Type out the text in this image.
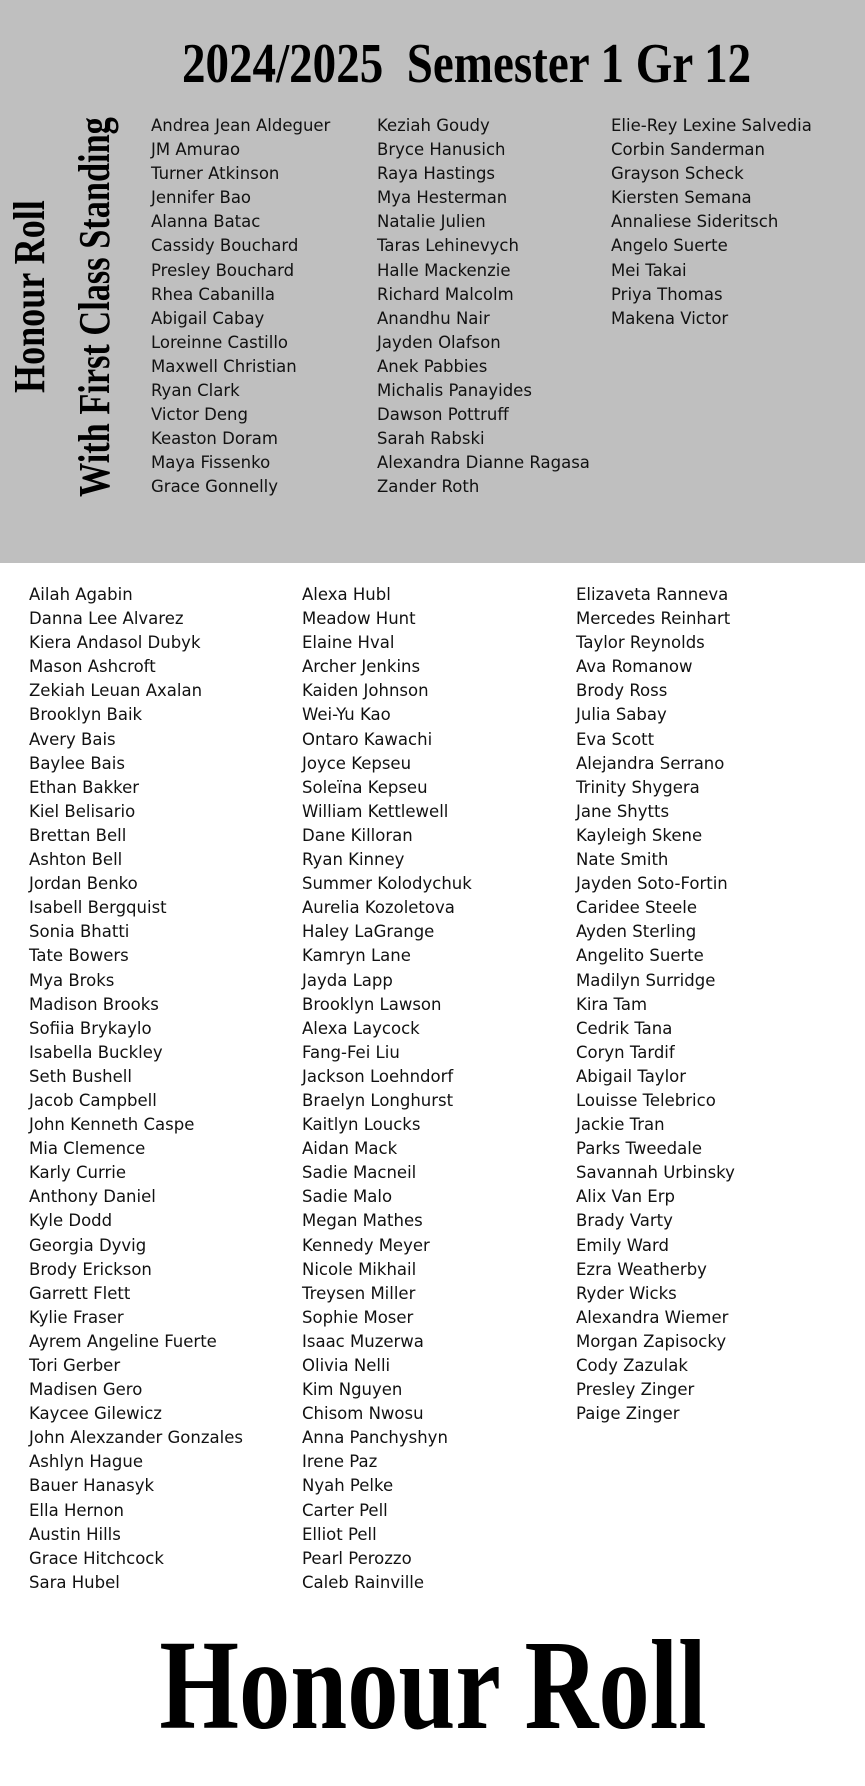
2024/2025  Semester 1 Gr 12
Honour Roll With First Class Standing Andrea Jean Aldeguer
JM Amurao
Turner Atkinson
Jennifer Bao
Alanna Batac
Cassidy Bouchard
Presley Bouchard
Rhea Cabanilla
Abigail Cabay
Loreinne Castillo
Maxwell Christian
Ryan Clark
Victor Deng
Keaston Doram
Maya Fissenko
Grace Gonnelly
Keziah Goudy
Bryce Hanusich
Raya Hastings
Mya Hesterman
Natalie Julien
Taras Lehinevych
Halle Mackenzie
Richard Malcolm
Anandhu Nair
Jayden Olafson
Anek Pabbies
Michalis Panayides
Dawson Pottruff
Sarah Rabski
Alexandra Dianne Ragasa
Zander Roth
Elie-Rey Lexine Salvedia
Corbin Sanderman
Grayson Scheck
Kiersten Semana
Annaliese Sideritsch
Angelo Suerte
Mei Takai
Priya Thomas
Makena Victor
Ailah Agabin
Danna Lee Alvarez
Kiera Andasol Dubyk
Mason Ashcroft
Zekiah Leuan Axalan
Brooklyn Baik
Avery Bais
Baylee Bais
Ethan Bakker
Kiel Belisario
Brettan Bell
Ashton Bell
Jordan Benko
Isabell Bergquist
Sonia Bhatti
Tate Bowers
Mya Broks
Madison Brooks
Sofiia Brykaylo
Isabella Buckley
Seth Bushell
Jacob Campbell
John Kenneth Caspe
Mia Clemence
Karly Currie
Anthony Daniel
Kyle Dodd
Georgia Dyvig
Brody Erickson
Garrett Flett
Kylie Fraser
Ayrem Angeline Fuerte
Tori Gerber
Madisen Gero
Kaycee Gilewicz
John Alexzander Gonzales
Ashlyn Hague
Bauer Hanasyk
Ella Hernon
Austin Hills
Grace Hitchcock
Sara Hubel
Alexa Hubl
Meadow Hunt
Elaine Hval
Archer Jenkins
Kaiden Johnson
Wei-Yu Kao
Ontaro Kawachi
Joyce Kepseu
Soleïna Kepseu
William Kettlewell
Dane Killoran
Ryan Kinney
Summer Kolodychuk
Aurelia Kozoletova
Haley LaGrange
Kamryn Lane
Jayda Lapp
Brooklyn Lawson
Alexa Laycock
Fang-Fei Liu
Jackson Loehndorf
Braelyn Longhurst
Kaitlyn Loucks
Aidan Mack
Sadie Macneil
Sadie Malo
Megan Mathes
Kennedy Meyer
Nicole Mikhail
Treysen Miller
Sophie Moser
Isaac Muzerwa
Olivia Nelli
Kim Nguyen
Chisom Nwosu
Anna Panchyshyn
Irene Paz
Nyah Pelke
Carter Pell
Elliot Pell
Pearl Perozzo
Caleb Rainville
Elizaveta Ranneva
Mercedes Reinhart
Taylor Reynolds
Ava Romanow
Brody Ross
Julia Sabay
Eva Scott
Alejandra Serrano
Trinity Shygera
Jane Shytts
Kayleigh Skene
Nate Smith
Jayden Soto-Fortin
Caridee Steele
Ayden Sterling
Angelito Suerte
Madilyn Surridge
Kira Tam
Cedrik Tana
Coryn Tardif
Abigail Taylor
Louisse Telebrico
Jackie Tran
Parks Tweedale
Savannah Urbinsky
Alix Van Erp
Brady Varty
Emily Ward
Ezra Weatherby
Ryder Wicks
Alexandra Wiemer
Morgan Zapisocky
Cody Zazulak
Presley Zinger
Paige Zinger
Honour Roll
